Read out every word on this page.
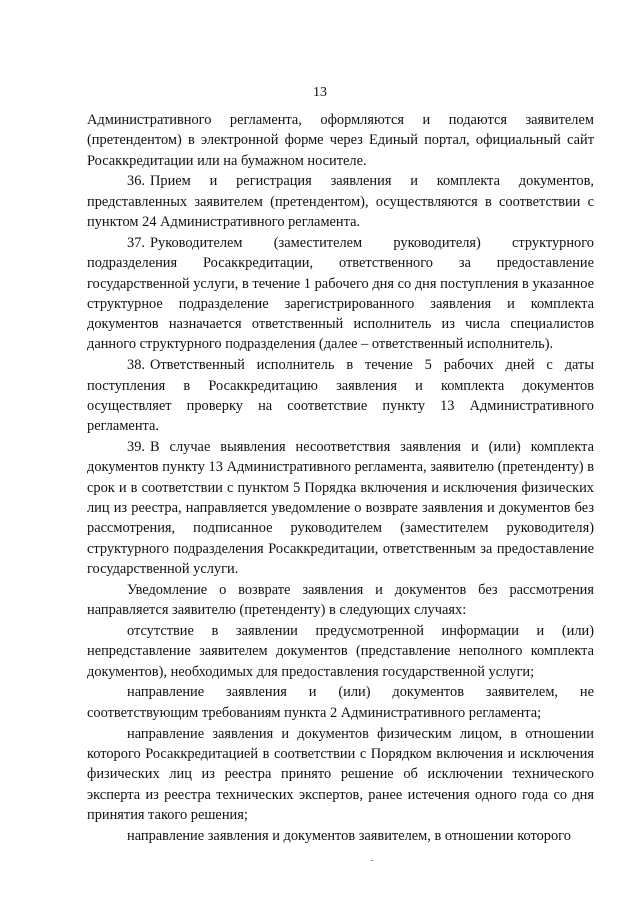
13

Административного регламента, оформляются и подаются заявителем (претендентом) в электронной форме через Единый портал, официальный сайт Росаккредитации или на бумажном носителе.

36. Прием и регистрация заявления и комплекта документов, представленных заявителем (претендентом), осуществляются в соответствии с пунктом 24 Административного регламента.

37. Руководителем (заместителем руководителя) структурного подразделения Росаккредитации, ответственного за предоставление государственной услуги, в течение 1 рабочего дня со дня поступления в указанное структурное подразделение зарегистрированного заявления и комплекта документов назначается ответственный исполнитель из числа специалистов данного структурного подразделения (далее – ответственный исполнитель).

38. Ответственный исполнитель в течение 5 рабочих дней с даты поступления в Росаккредитацию заявления и комплекта документов осуществляет проверку на соответствие пункту 13 Административного регламента.

39. В случае выявления несоответствия заявления и (или) комплекта документов пункту 13 Административного регламента, заявителю (претенденту) в срок и в соответствии с пунктом 5 Порядка включения и исключения физических лиц из реестра, направляется уведомление о возврате заявления и документов без рассмотрения, подписанное руководителем (заместителем руководителя) структурного подразделения Росаккредитации, ответственным за предоставление государственной услуги.

Уведомление о возврате заявления и документов без рассмотрения направляется заявителю (претенденту) в следующих случаях:

отсутствие в заявлении предусмотренной информации и (или) непредставление заявителем документов (представление неполного комплекта документов), необходимых для предоставления государственной услуги;

направление заявления и (или) документов заявителем, не соответствующим требованиям пункта 2 Административного регламента;

направление заявления и документов физическим лицом, в отношении которого Росаккредитацией в соответствии с Порядком включения и исключения физических лиц из реестра принято решение об исключении технического эксперта из реестра технических экспертов, ранее истечения одного года со дня принятия такого решения;

направление заявления и документов заявителем, в отношении которого
